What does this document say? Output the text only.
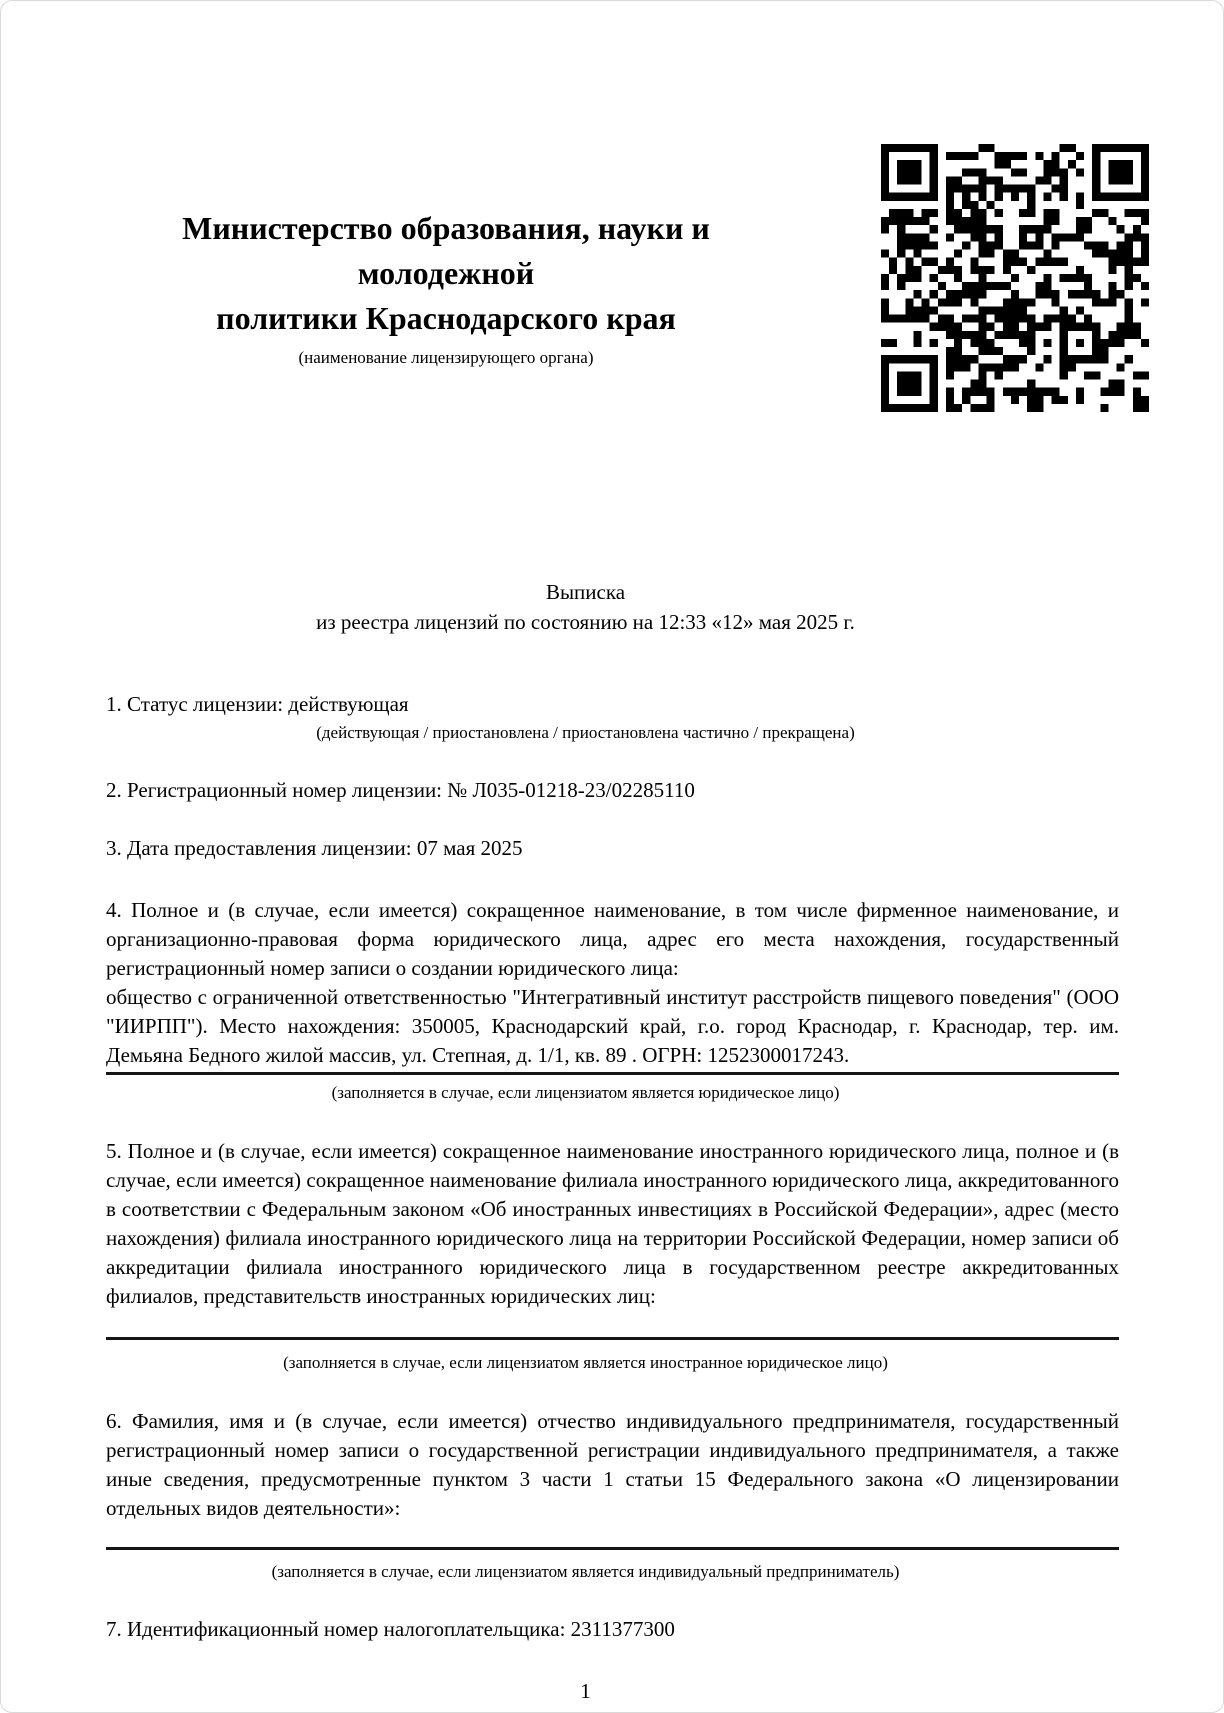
Министерство образования, науки и молодежной
политики Краснодарского края
(наименование лицензирующего органа)
Выписка
из реестра лицензий по состоянию на 12:33 «12» мая 2025 г.

1. Статус лицензии: действующая

(действующая / приостановлена / приостановлена частично / прекращена)

2. Регистрационный номер лицензии: № Л035-01218-23/02285110

3. Дата предоставления лицензии: 07 мая 2025

4. Полное и (в случае, если имеется) сокращенное наименование, в том числе фирменное наименование, и организационно-правовая форма юридического лица, адрес его места нахождения, государственный регистрационный номер записи о создании юридического лица:

общество с ограниченной ответственностью "Интегративный институт расстройств пищевого поведения" (ООО "ИИРПП"). Место нахождения: 350005, Краснодарский край, г.о. город Краснодар, г. Краснодар, тер. им. Демьяна Бедного жилой массив, ул. Степная, д. 1/1, кв. 89 . ОГРН: 1252300017243.

(заполняется в случае, если лицензиатом является юридическое лицо)

5. Полное и (в случае, если имеется) сокращенное наименование иностранного юридического лица, полное и (в случае, если имеется) сокращенное наименование филиала иностранного юридического лица, аккредитованного в соответствии с Федеральным законом «Об иностранных инвестициях в Российской Федерации», адрес (место нахождения) филиала иностранного юридического лица на территории Российской Федерации, номер записи об аккредитации филиала иностранного юридического лица в государственном реестре аккредитованных филиалов, представительств иностранных юридических лиц:

(заполняется в случае, если лицензиатом является иностранное юридическое лицо)

6. Фамилия, имя и (в случае, если имеется) отчество индивидуального предпринимателя, государственный регистрационный номер записи о государственной регистрации индивидуального предпринимателя, а также иные сведения, предусмотренные пунктом 3 части 1 статьи 15 Федерального закона «О лицензировании отдельных видов деятельности»:

(заполняется в случае, если лицензиатом является индивидуальный предприниматель)

7. Идентификационный номер налогоплательщика: 2311377300

1
